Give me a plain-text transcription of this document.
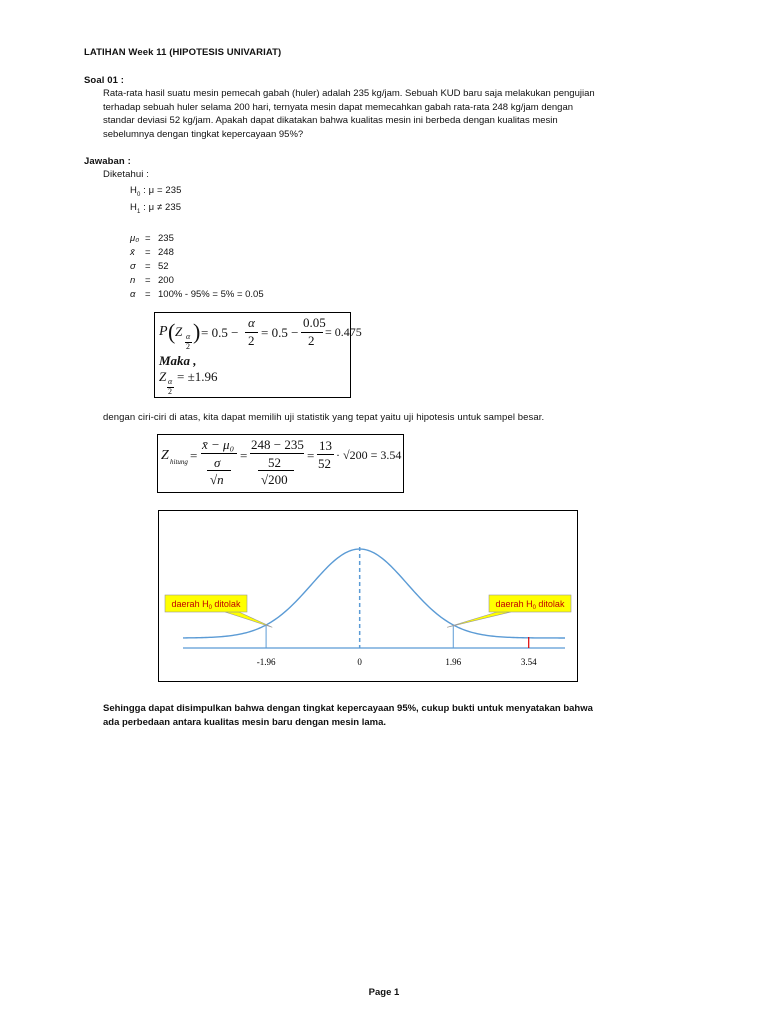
LATIHAN Week 11 (HIPOTESIS UNIVARIAT)
Soal 01 :
Rata-rata hasil suatu mesin pemecah gabah (huler) adalah 235 kg/jam. Sebuah KUD baru saja melakukan pengujian
terhadap sebuah huler selama 200 hari, ternyata mesin dapat memecahkan gabah rata-rata 248 kg/jam dengan
standar deviasi 52 kg/jam. Apakah dapat dikatakan bahwa kualitas mesin ini berbeda dengan kualitas mesin
sebelumnya dengan tingkat kepercayaan 95%?
Jawaban :
Diketahui :
$H_0$ : μ = 235
$H_1$ : μ ≠ 235
μ₀ = 235
x̄ = 248
σ = 52
n = 200
α = 100% - 95% = 5% = 0.05
P ( Z α
2
) = 0.5 −
α
2
= 0.5 −
0.05
2
= 0.475
Maka ,
Z α
2
= ±1.96
dengan ciri-ciri di atas, kita dapat memilih uji statistik yang tepat yaitu uji hipotesis untuk sampel besar.
Z hitung =
x̄ − μ₀
σ
√n
=
248 − 235
52
√200
=
13
52
· √200 = 3.54
-1.96	0	1.96	3.54
daerah $H_0$ ditolak	daerah $H_0$ ditolak
Sehingga dapat disimpulkan bahwa dengan tingkat kepercayaan 95%, cukup bukti untuk menyatakan bahwa
ada perbedaan antara kualitas mesin baru dengan mesin lama.
Page 1
